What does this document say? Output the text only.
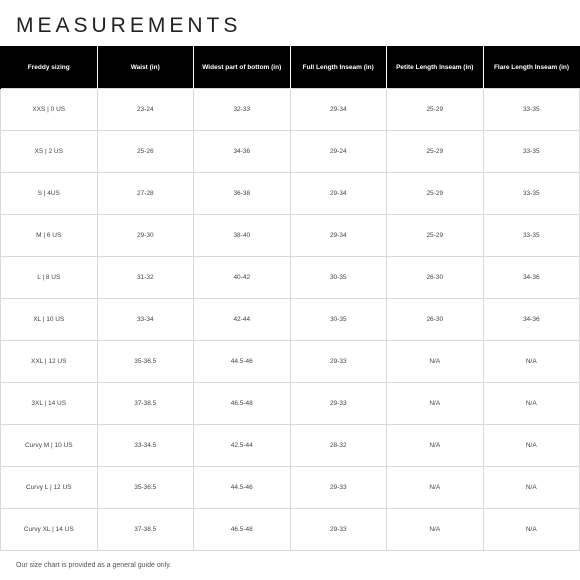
MEASUREMENTS
Freddy sizing	Waist (in)	Widest part of bottom (in)	Full Length Inseam (in)	Petite Length Inseam (in)	Flare Length Inseam (in)
XXS | 0 US	23-24	32-33	29-34	25-29	33-35
XS | 2 US	25-26	34-36	29-24	25-29	33-35
S | 4US	27-28	36-38	29-34	25-29	33-35
M | 6 US	29-30	38-40	29-34	25-29	33-35
L | 8 US	31-32	40-42	30-35	26-30	34-36
XL | 10 US	33-34	42-44	30-35	26-30	34-36
XXL | 12 US	35-36.5	44.5-46	29-33	N/A	N/A
3XL | 14 US	37-38.5	46.5-48	29-33	N/A	N/A
Curvy M | 10 US	33-34.5	42.5-44	28-32	N/A	N/A
Curvy L | 12 US	35-36.5	44.5-46	29-33	N/A	N/A
Curvy XL | 14 US	37-38.5	46.5-48	29-33	N/A	N/A

Our size chart is provided as a general guide only.
